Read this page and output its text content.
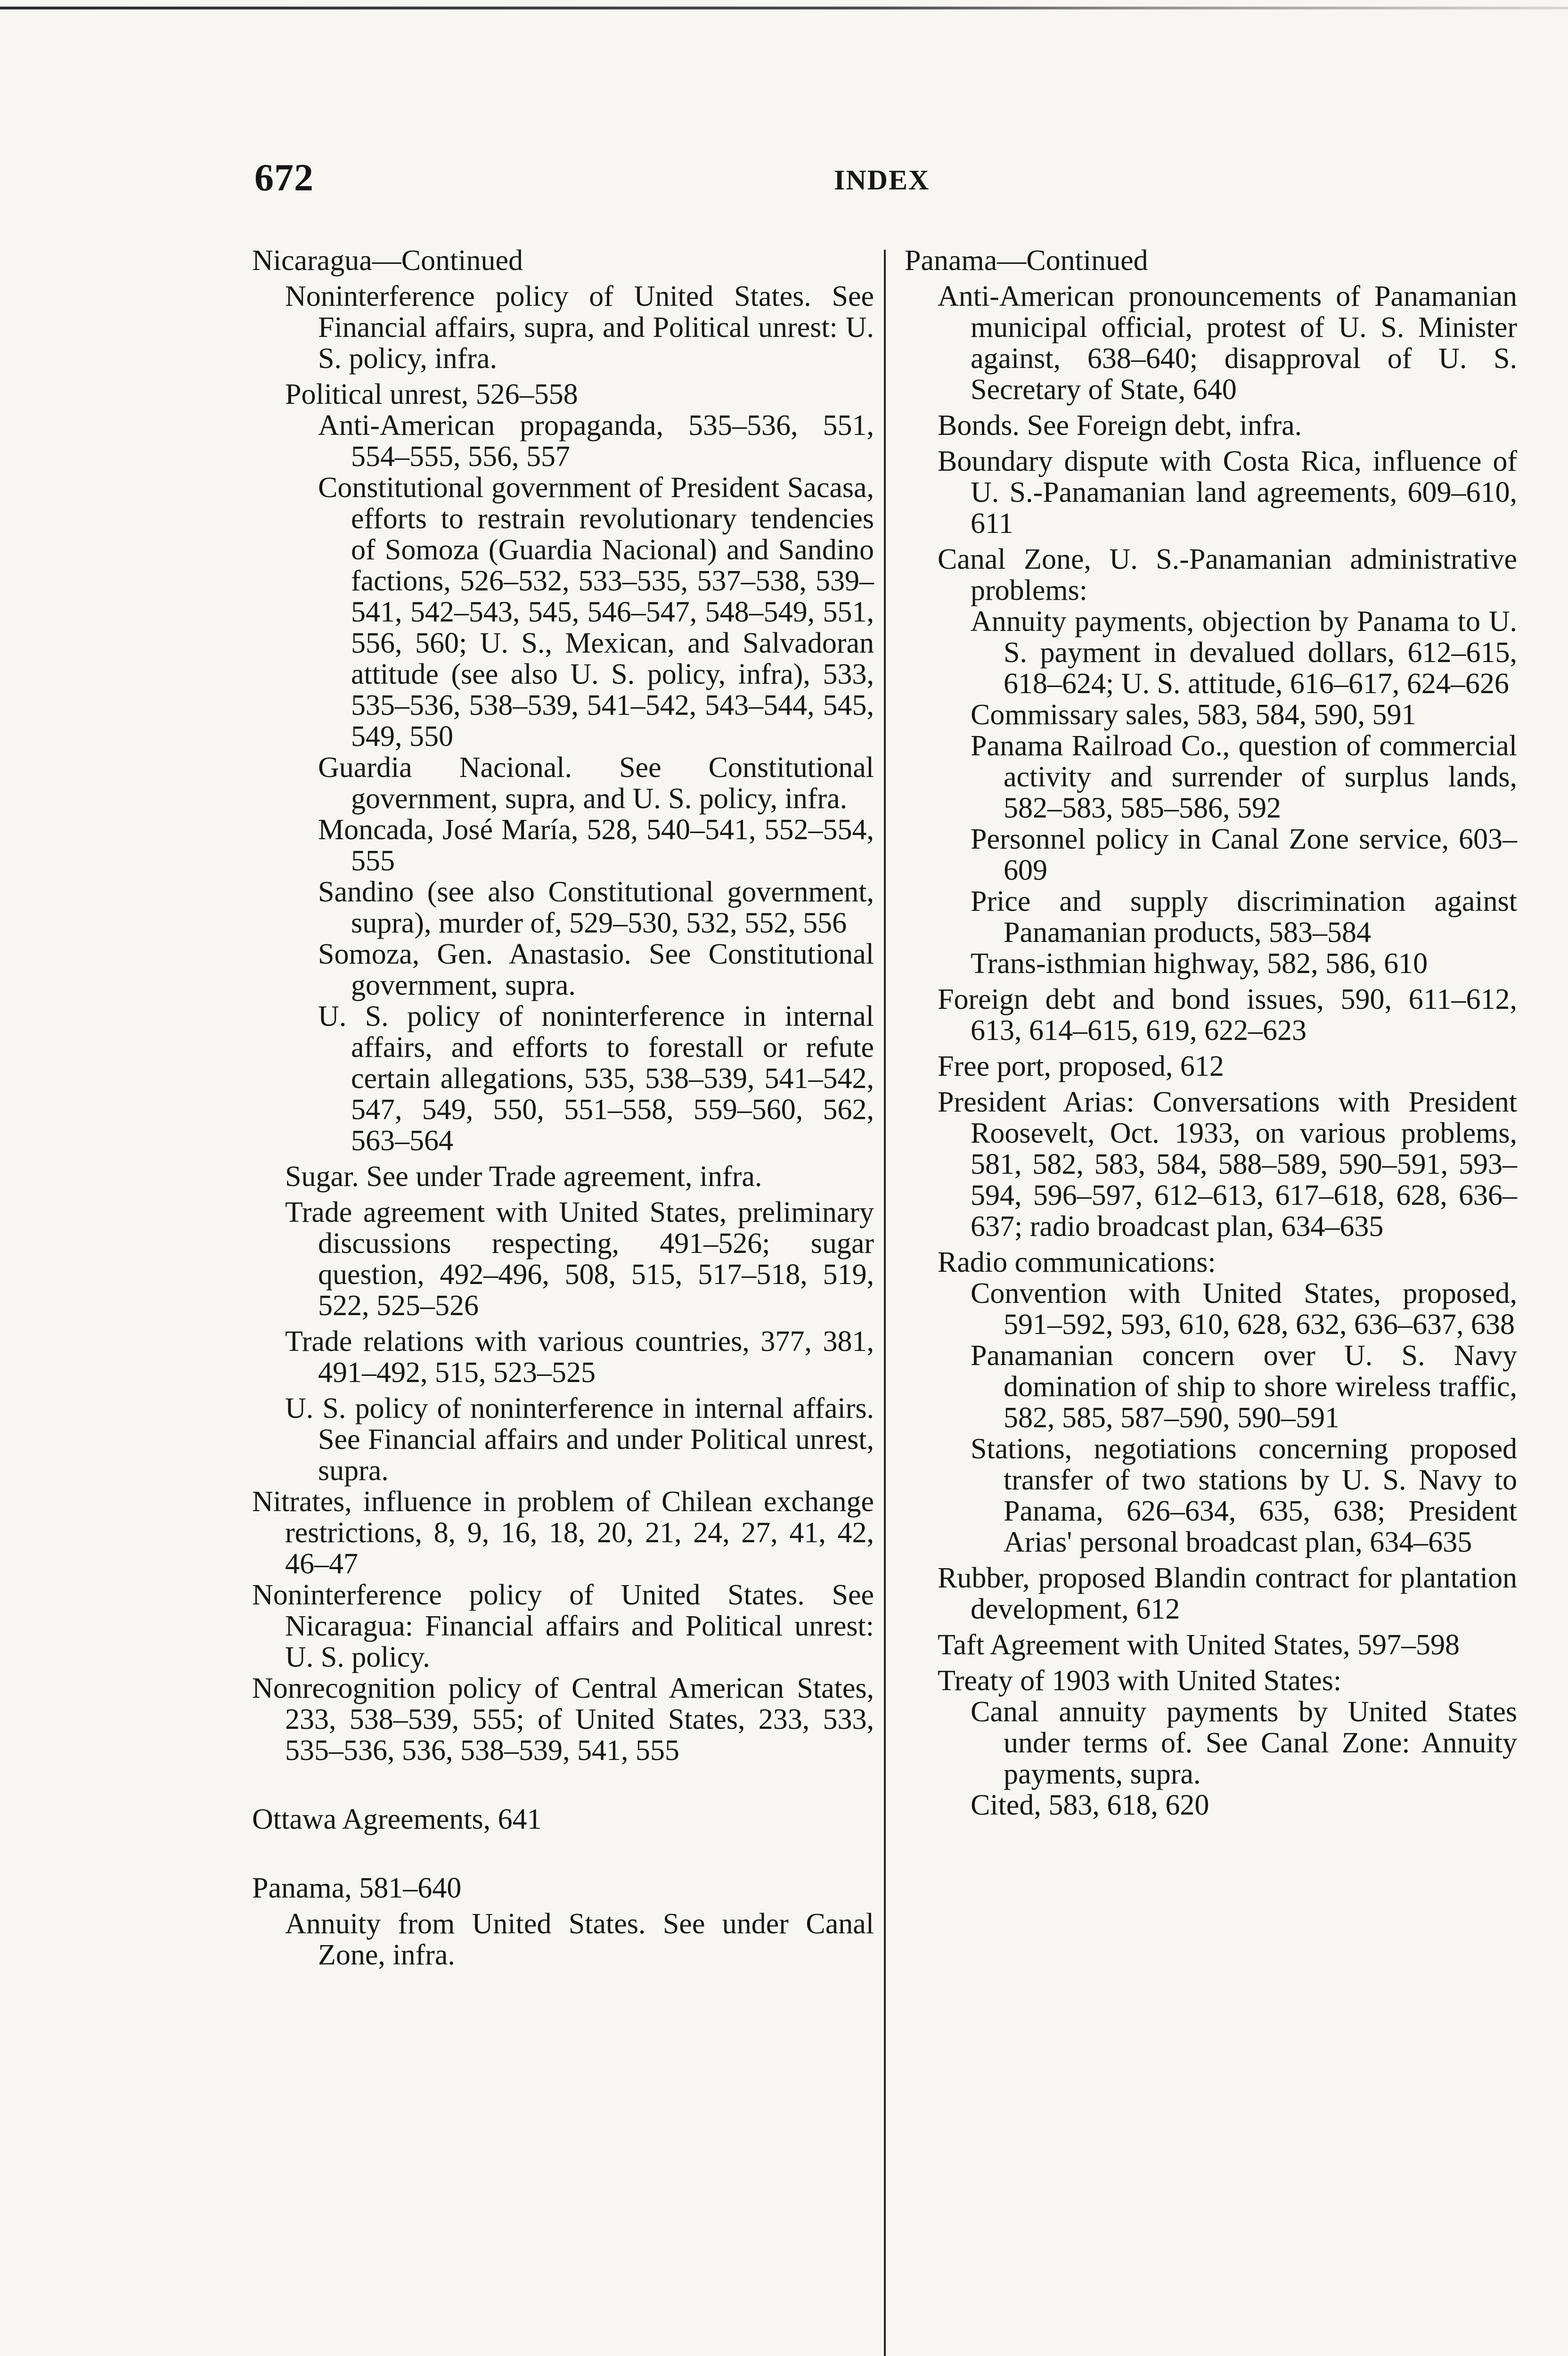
672	INDEX
Nicaragua—Continued
Noninterference policy of United States. See Financial affairs, supra, and Political unrest: U. S. policy, infra.
Political unrest, 526–558
Anti-American propaganda, 535–536, 551, 554–555, 556, 557
Constitutional government of President Sacasa, efforts to restrain revolutionary tendencies of Somoza (Guardia Nacional) and Sandino factions, 526–532, 533–535, 537–538, 539–541, 542–543, 545, 546–547, 548–549, 551, 556, 560; U. S., Mexican, and Salvadoran attitude (see also U. S. policy, infra), 533, 535–536, 538–539, 541–542, 543–544, 545, 549, 550
Guardia Nacional. See Constitutional government, supra, and U. S. policy, infra.
Moncada, José María, 528, 540–541, 552–554, 555
Sandino (see also Constitutional government, supra), murder of, 529–530, 532, 552, 556
Somoza, Gen. Anastasio. See Constitutional government, supra.
U. S. policy of noninterference in internal affairs, and efforts to forestall or refute certain allegations, 535, 538–539, 541–542, 547, 549, 550, 551–558, 559–560, 562, 563–564
Sugar. See under Trade agreement, infra.
Trade agreement with United States, preliminary discussions respecting, 491–526; sugar question, 492–496, 508, 515, 517–518, 519, 522, 525–526
Trade relations with various countries, 377, 381, 491–492, 515, 523–525
U. S. policy of noninterference in internal affairs. See Financial affairs and under Political unrest, supra.
Nitrates, influence in problem of Chilean exchange restrictions, 8, 9, 16, 18, 20, 21, 24, 27, 41, 42, 46–47
Noninterference policy of United States. See Nicaragua: Financial affairs and Political unrest: U. S. policy.
Nonrecognition policy of Central American States, 233, 538–539, 555; of United States, 233, 533, 535–536, 536, 538–539, 541, 555
Ottawa Agreements, 641
Panama, 581–640
Annuity from United States. See under Canal Zone, infra.
Panama—Continued
Anti-American pronouncements of Panamanian municipal official, protest of U. S. Minister against, 638–640; disapproval of U. S. Secretary of State, 640
Bonds. See Foreign debt, infra.
Boundary dispute with Costa Rica, influence of U. S.-Panamanian land agreements, 609–610, 611
Canal Zone, U. S.-Panamanian administrative problems:
Annuity payments, objection by Panama to U. S. payment in devalued dollars, 612–615, 618–624; U. S. attitude, 616–617, 624–626
Commissary sales, 583, 584, 590, 591
Panama Railroad Co., question of commercial activity and surrender of surplus lands, 582–583, 585–586, 592
Personnel policy in Canal Zone service, 603–609
Price and supply discrimination against Panamanian products, 583–584
Trans-isthmian highway, 582, 586, 610
Foreign debt and bond issues, 590, 611–612, 613, 614–615, 619, 622–623
Free port, proposed, 612
President Arias: Conversations with President Roosevelt, Oct. 1933, on various problems, 581, 582, 583, 584, 588–589, 590–591, 593–594, 596–597, 612–613, 617–618, 628, 636–637; radio broadcast plan, 634–635
Radio communications:
Convention with United States, proposed, 591–592, 593, 610, 628, 632, 636–637, 638
Panamanian concern over U. S. Navy domination of ship to shore wireless traffic, 582, 585, 587–590, 590–591
Stations, negotiations concerning proposed transfer of two stations by U. S. Navy to Panama, 626–634, 635, 638; President Arias' personal broadcast plan, 634–635
Rubber, proposed Blandin contract for plantation development, 612
Taft Agreement with United States, 597–598
Treaty of 1903 with United States:
Canal annuity payments by United States under terms of. See Canal Zone: Annuity payments, supra.
Cited, 583, 618, 620
